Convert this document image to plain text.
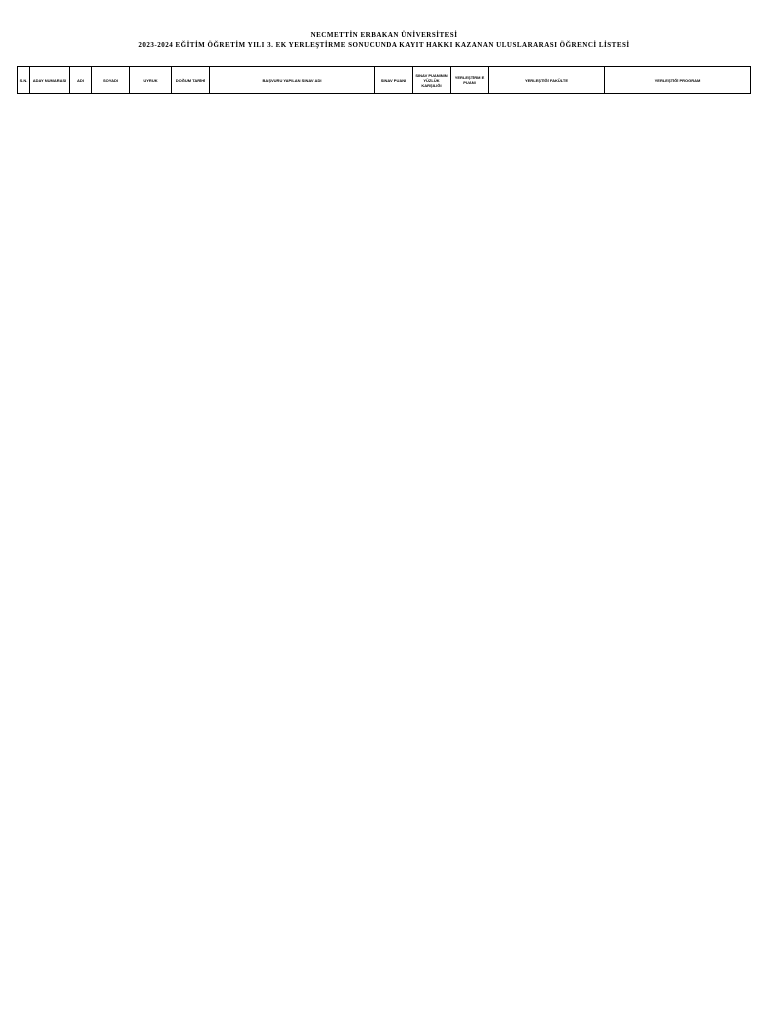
NECMETTİN ERBAKAN ÜNİVERSİTESİ
2023-2024 EĞİTİM ÖĞRETİM YILI 3. EK YERLEŞTİRME SONUCUNDA KAYIT HAKKI KAZANAN ULUSLARARASI ÖĞRENCİ LİSTESİ
S.N.	ADAY NUMARASI	ADI	SOYADI	UYRUK	DOĞUM TARİHİ	BAŞVURU YAPILAN SINAV ADI	SINAV PUANI	SINAV PUANININ YÜZLÜK KARŞILIĞI	YERLEŞTİRM E PUANI	YERLEŞTİĞİ FAKÜLTE	YERLEŞTİĞİ PROGRAM
